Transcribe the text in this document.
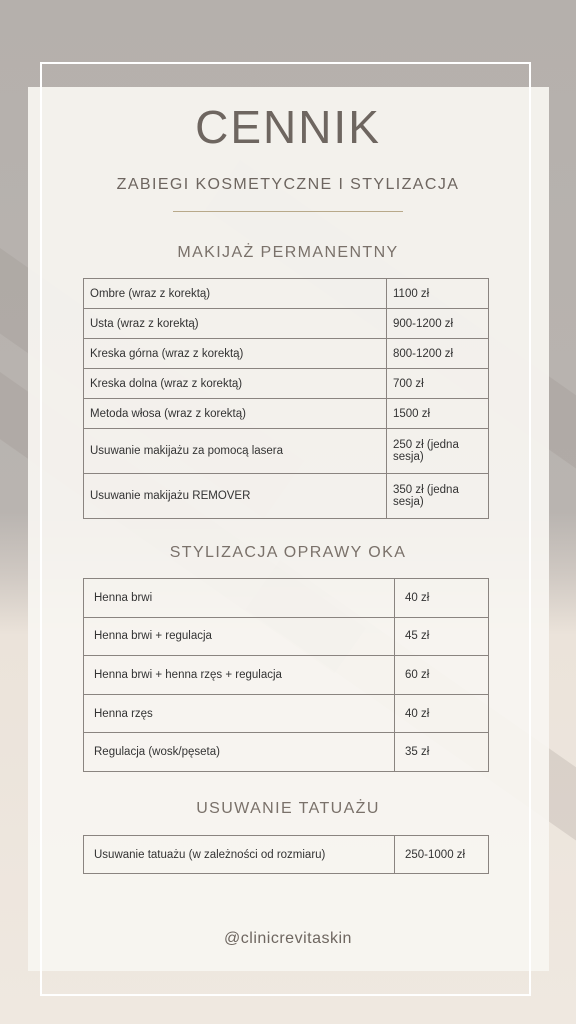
CENNIK
ZABIEGI KOSMETYCZNE I STYLIZACJA
MAKIJAŻ PERMANENTNY
Ombre (wraz z korektą)	1100 zł
Usta (wraz z korektą)	900-1200 zł
Kreska górna (wraz z korektą)	800-1200 zł
Kreska dolna (wraz z korektą)	700 zł
Metoda włosa (wraz z korektą)	1500 zł
Usuwanie makijażu za pomocą lasera	250 zł (jedna sesja)
Usuwanie makijażu REMOVER	350 zł (jedna sesja)
STYLIZACJA OPRAWY OKA
Henna brwi	40 zł
Henna brwi + regulacja	45 zł
Henna brwi + henna rzęs + regulacja	60 zł
Henna rzęs	40 zł
Regulacja (wosk/pęseta)	35 zł
USUWANIE TATUAŻU
Usuwanie tatuażu (w zależności od rozmiaru)	250-1000 zł
@clinicrevitaskin
